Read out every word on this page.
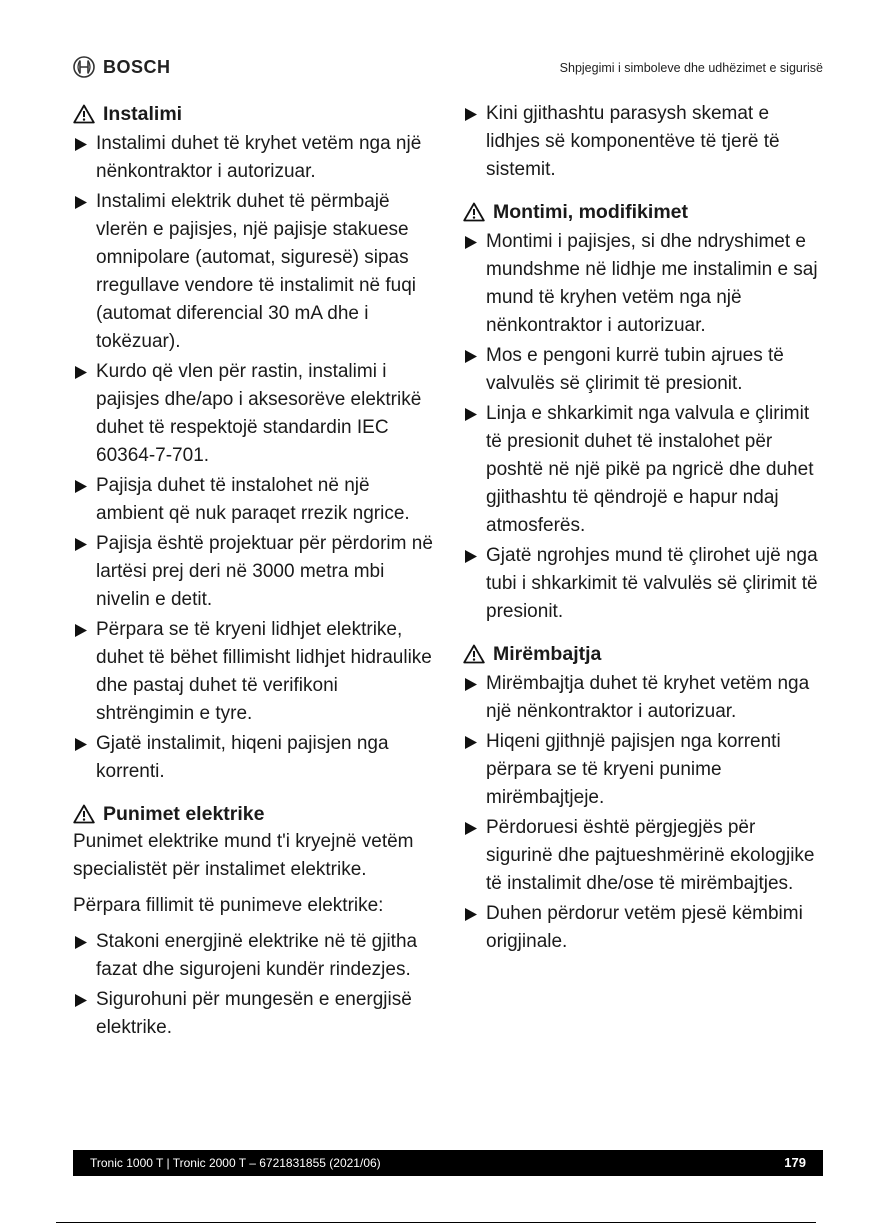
BOSCH	Shpjegimi i simboleve dhe udhëzimet e sigurisë
Instalimi
Instalimi duhet të kryhet vetëm nga një nënkontraktor i autorizuar.
Instalimi elektrik duhet të përmbajë vlerën e pajisjes, një pajisje stakuese omnipolare (automat, siguresë) sipas rregullave vendore të instalimit në fuqi (automat diferencial 30 mA dhe i tokëzuar).
Kurdo që vlen për rastin, instalimi i pajisjes dhe/apo i aksesorëve elektrikë duhet të respektojë standardin IEC 60364-7-701.
Pajisja duhet të instalohet në një ambient që nuk paraqet rrezik ngrice.
Pajisja është projektuar për përdorim në lartësi prej deri në 3000 metra mbi nivelin e detit.
Përpara se të kryeni lidhjet elektrike, duhet të bëhet fillimisht lidhjet hidraulike dhe pastaj duhet të verifikoni shtrëngimin e tyre.
Gjatë instalimit, hiqeni pajisjen nga korrenti.
Punimet elektrike

Punimet elektrike mund t'i kryejnë vetëm specialistët për instalimet elektrike.

Përpara fillimit të punimeve elektrike:

Stakoni energjinë elektrike në të gjitha fazat dhe sigurojeni kundër rindezjes.
Sigurohuni për mungesën e energjisë elektrike.
Kini gjithashtu parasysh skemat e lidhjes së komponentëve të tjerë të sistemit.
Montimi, modifikimet
Montimi i pajisjes, si dhe ndryshimet e mundshme në lidhje me instalimin e saj mund të kryhen vetëm nga një nënkontraktor i autorizuar.
Mos e pengoni kurrë tubin ajrues të valvulës së çlirimit të presionit.
Linja e shkarkimit nga valvula e çlirimit të presionit duhet të instalohet për poshtë në një pikë pa ngricë dhe duhet gjithashtu të qëndrojë e hapur ndaj atmosferës.
Gjatë ngrohjes mund të çlirohet ujë nga tubi i shkarkimit të valvulës së çlirimit të presionit.
Mirëmbajtja
Mirëmbajtja duhet të kryhet vetëm nga një nënkontraktor i autorizuar.
Hiqeni gjithnjë pajisjen nga korrenti përpara se të kryeni punime mirëmbajtjeje.
Përdoruesi është përgjegjës për sigurinë dhe pajtueshmërinë ekologjike të instalimit dhe/ose të mirëmbajtjes.
Duhen përdorur vetëm pjesë këmbimi origjinale.
Tronic 1000 T | Tronic 2000 T – 6721831855 (2021/06)	179
